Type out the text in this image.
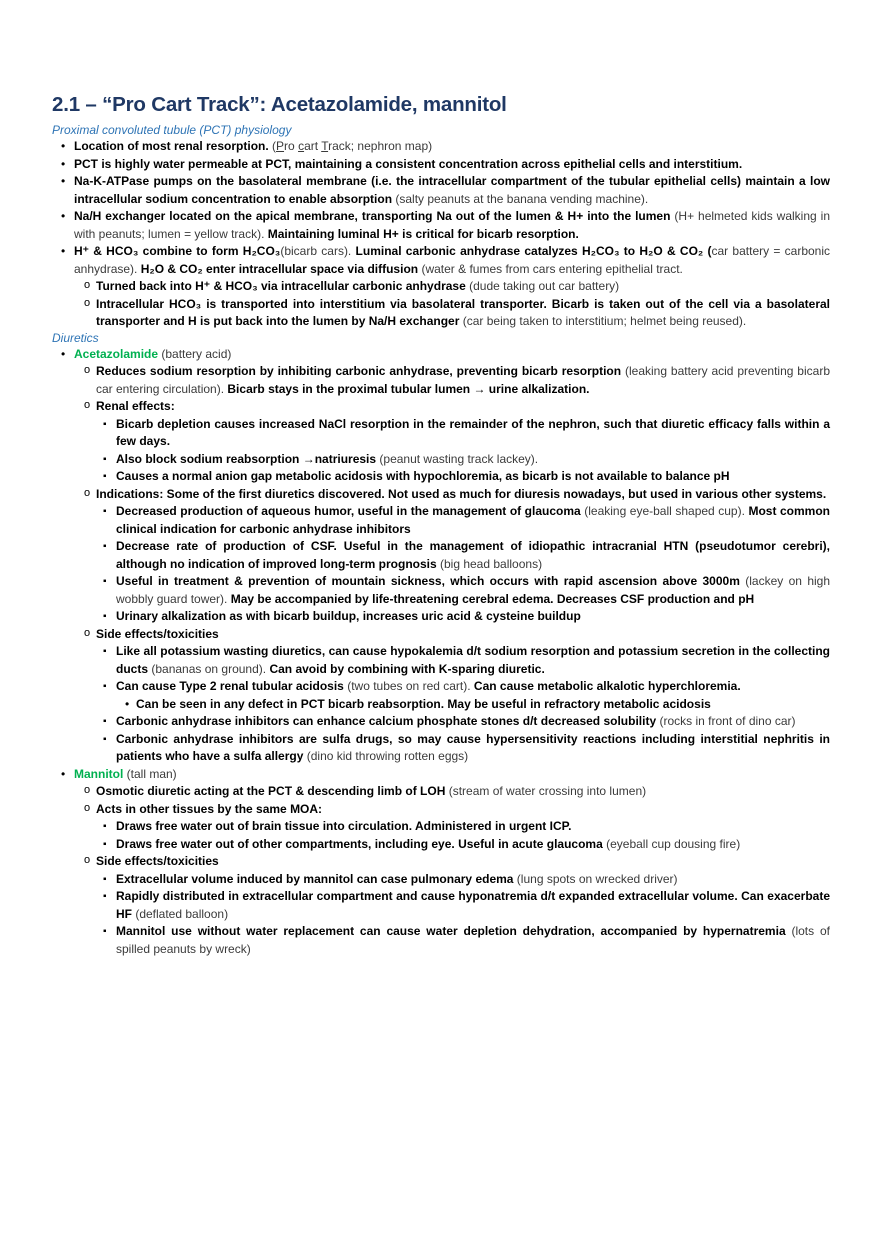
2.1 – “Pro Cart Track”: Acetazolamide, mannitol

Proximal convoluted tubule (PCT) physiology

• Location of most renal resorption. (Pro cart Track; nephron map)
• PCT is highly water permeable at PCT, maintaining a consistent concentration across epithelial cells and interstitium.
• Na-K-ATPase pumps on the basolateral membrane (i.e. the intracellular compartment of the tubular epithelial cells) maintain a low intracellular sodium concentration to enable absorption (salty peanuts at the banana vending machine).
• Na/H exchanger located on the apical membrane, transporting Na out of the lumen & H+ into the lumen (H+ helmeted kids walking in with peanuts; lumen = yellow track). Maintaining luminal H+ is critical for bicarb resorption.
• H⁺ & HCO₃ combine to form H₂CO₃(bicarb cars). Luminal carbonic anhydrase catalyzes H₂CO₃ to H₂O & CO₂ (car battery = carbonic anhydrase). H₂O & CO₂ enter intracellular space via diffusion (water & fumes from cars entering epithelial tract.
o Turned back into H⁺ & HCO₃ via intracellular carbonic anhydrase (dude taking out car battery)
o Intracellular HCO₃ is transported into interstitium via basolateral transporter. Bicarb is taken out of the cell via a basolateral transporter and H is put back into the lumen by Na/H exchanger (car being taken to interstitium; helmet being reused).

Diuretics

• Acetazolamide (battery acid)
o Reduces sodium resorption by inhibiting carbonic anhydrase, preventing bicarb resorption (leaking battery acid preventing bicarb car entering circulation). Bicarb stays in the proximal tubular lumen → urine alkalization.
o Renal effects:
▪ Bicarb depletion causes increased NaCl resorption in the remainder of the nephron, such that diuretic efficacy falls within a few days.
▪ Also block sodium reabsorption →natriuresis (peanut wasting track lackey).
▪ Causes a normal anion gap metabolic acidosis with hypochloremia, as bicarb is not available to balance pH
o Indications: Some of the first diuretics discovered. Not used as much for diuresis nowadays, but used in various other systems.
▪ Decreased production of aqueous humor, useful in the management of glaucoma (leaking eye-ball shaped cup). Most common clinical indication for carbonic anhydrase inhibitors
▪ Decrease rate of production of CSF. Useful in the management of idiopathic intracranial HTN (pseudotumor cerebri), although no indication of improved long-term prognosis (big head balloons)
▪ Useful in treatment & prevention of mountain sickness, which occurs with rapid ascension above 3000m (lackey on high wobbly guard tower). May be accompanied by life-threatening cerebral edema. Decreases CSF production and pH
▪ Urinary alkalization as with bicarb buildup, increases uric acid & cysteine buildup
o Side effects/toxicities
▪ Like all potassium wasting diuretics, can cause hypokalemia d/t sodium resorption and potassium secretion in the collecting ducts (bananas on ground). Can avoid by combining with K-sparing diuretic.
▪ Can cause Type 2 renal tubular acidosis (two tubes on red cart). Can cause metabolic alkalotic hyperchloremia.
• Can be seen in any defect in PCT bicarb reabsorption. May be useful in refractory metabolic acidosis
▪ Carbonic anhydrase inhibitors can enhance calcium phosphate stones d/t decreased solubility (rocks in front of dino car)
▪ Carbonic anhydrase inhibitors are sulfa drugs, so may cause hypersensitivity reactions including interstitial nephritis in patients who have a sulfa allergy (dino kid throwing rotten eggs)
• Mannitol (tall man)
o Osmotic diuretic acting at the PCT & descending limb of LOH (stream of water crossing into lumen)
o Acts in other tissues by the same MOA:
▪ Draws free water out of brain tissue into circulation. Administered in urgent ICP.
▪ Draws free water out of other compartments, including eye. Useful in acute glaucoma (eyeball cup dousing fire)
o Side effects/toxicities
▪ Extracellular volume induced by mannitol can case pulmonary edema (lung spots on wrecked driver)
▪ Rapidly distributed in extracellular compartment and cause hyponatremia d/t expanded extracellular volume. Can exacerbate HF (deflated balloon)
▪ Mannitol use without water replacement can cause water depletion dehydration, accompanied by hypernatremia (lots of spilled peanuts by wreck)
